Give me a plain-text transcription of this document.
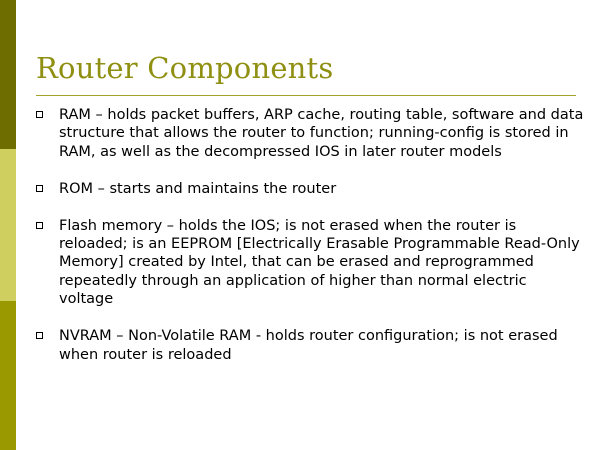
Router Components
RAM – holds packet buffers, ARP cache, routing table, software and data structure that allows the router to function; running-config is stored in RAM, as well as the decompressed IOS in later router models
ROM – starts and maintains the router
Flash memory – holds the IOS; is not erased when the router is reloaded; is an EEPROM [Electrically Erasable Programmable Read-Only Memory] created by Intel, that can be erased and reprogrammed repeatedly through an application of higher than normal electric voltage
NVRAM – Non-Volatile RAM - holds router configuration; is not erased when router is reloaded
